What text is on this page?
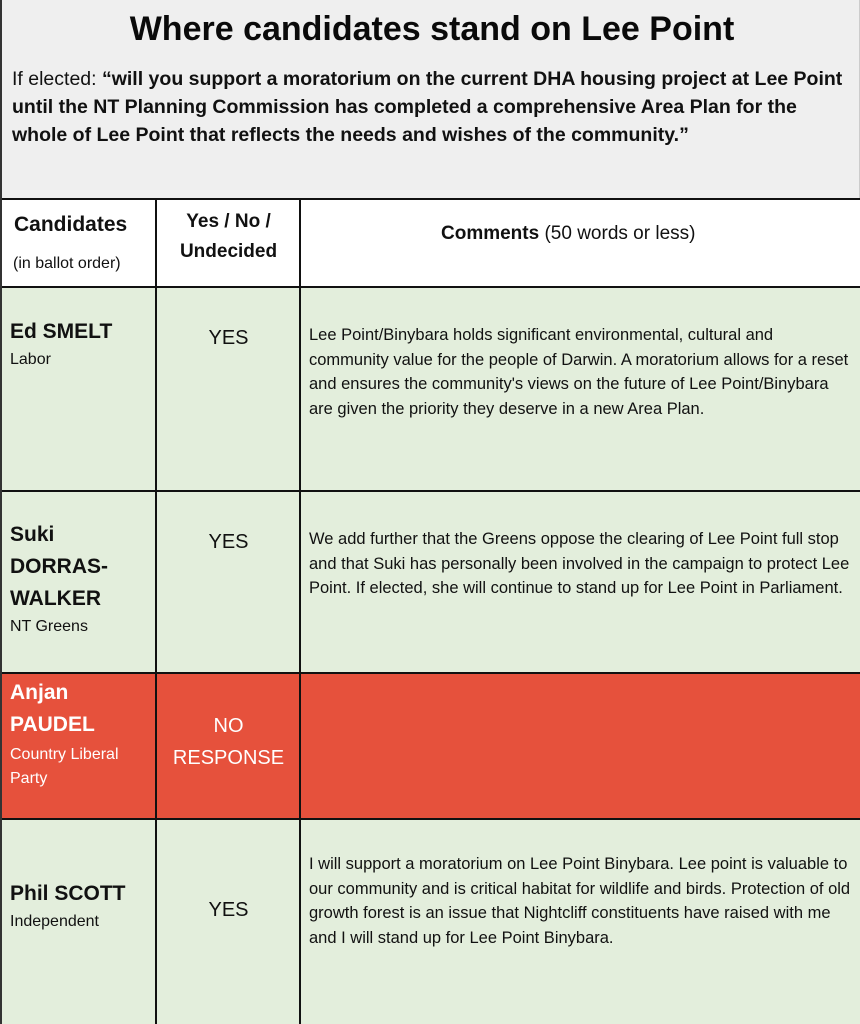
Where candidates stand on Lee Point
If elected: “will you support a moratorium on the current DHA housing project at Lee Point until the NT Planning Commission has completed a comprehensive Area Plan for the whole of Lee Point that reflects the needs and wishes of the community.”
Candidates
(in ballot order)
Yes / No /
Undecided
Comments (50 words or less)
Ed SMELT
Labor
YES	Lee Point/Binybara holds significant environmental, cultural and community value for the people of Darwin. A moratorium allows for a reset and ensures the community's views on the future of Lee Point/Binybara are given the priority they deserve in a new Area Plan.
Suki
DORRAS-
WALKER
NT Greens
YES	We add further that the Greens oppose the clearing of Lee Point full stop and that Suki has personally been involved in the campaign to protect Lee Point. If elected, she will continue to stand up for Lee Point in Parliament.
Anjan
PAUDEL
Country Liberal
Party
NO
RESPONSE
Phil SCOTT
Independent
YES
I will support a moratorium on Lee Point Binybara. Lee point is valuable to our community and is critical habitat for wildlife and birds. Protection of old growth forest is an issue that Nightcliff constituents have raised with me and I will stand up for Lee Point Binybara.
